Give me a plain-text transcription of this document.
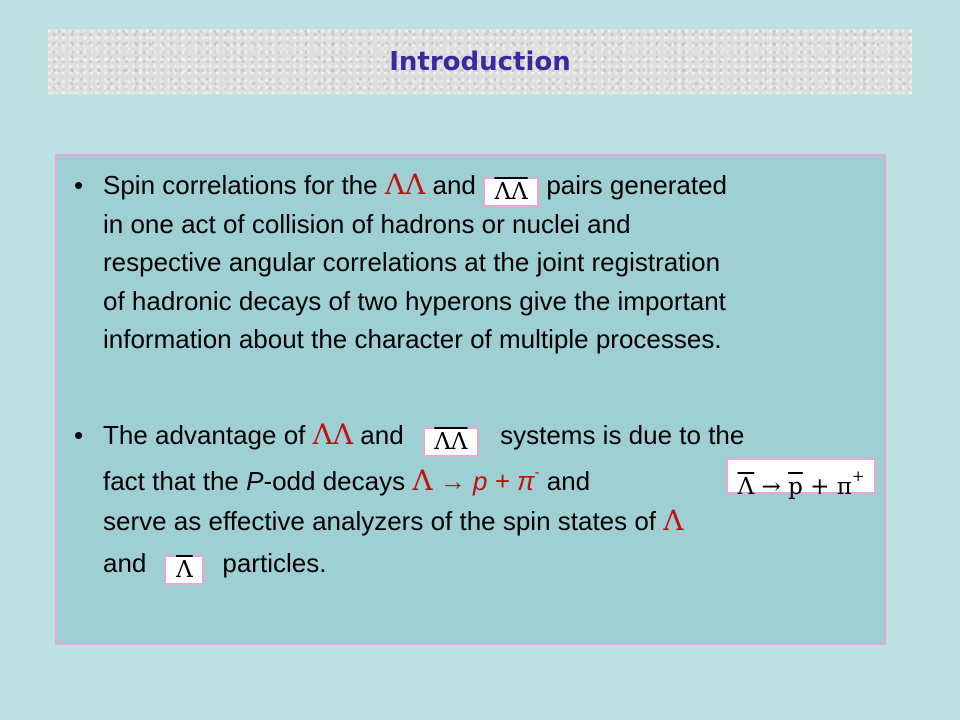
Introduction
• Spin correlations for the ΛΛ and $\overline{\Lambda\Lambda}$ pairs generated
in one act of collision of hadrons or nuclei and
respective angular correlations at the joint registration
of hadronic decays of two hyperons give the important
information about the character of multiple processes.
• The advantage of ΛΛ and $\overline{\Lambda\Lambda}$ systems is due to the
fact that the P-odd decays Λ → p + π- and	$\overline{\Lambda} \to \overline{p} + \pi^+$
serve as effective analyzers of the spin states of Λ
and $\overline{\Lambda}$ particles.
